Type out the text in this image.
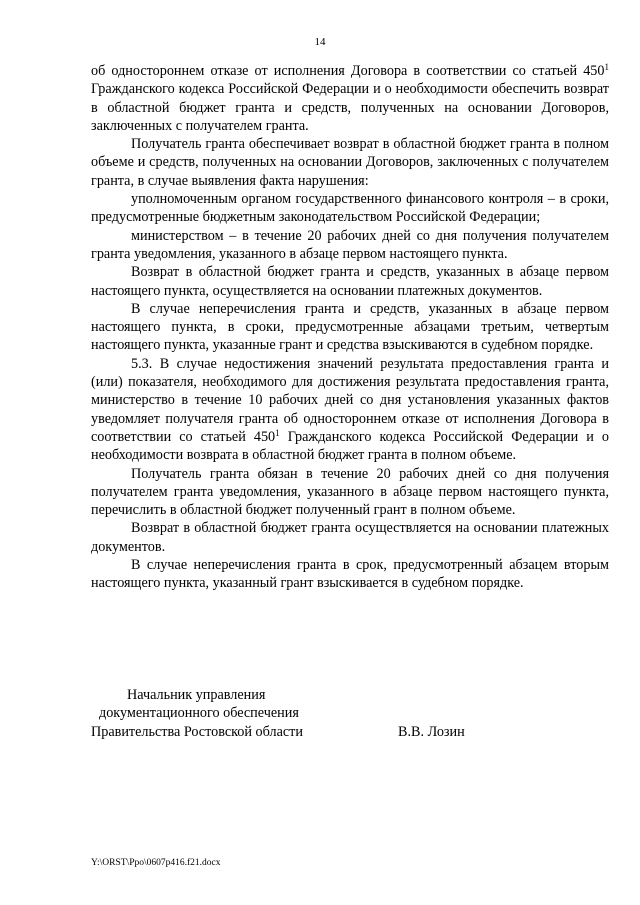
14

об одностороннем отказе от исполнения Договора в соответствии со статьей $450^1$ Гражданского кодекса Российской Федерации и о необходимости обеспечить возврат в областной бюджет гранта и средств, полученных на основании Договоров, заключенных с получателем гранта.

Получатель гранта обеспечивает возврат в областной бюджет гранта в полном объеме и средств, полученных на основании Договоров, заключенных с получателем гранта, в случае выявления факта нарушения:

уполномоченным органом государственного финансового контроля – в сроки, предусмотренные бюджетным законодательством Российской Федерации;

министерством – в течение 20 рабочих дней со дня получения получателем гранта уведомления, указанного в абзаце первом настоящего пункта.

Возврат в областной бюджет гранта и средств, указанных в абзаце первом настоящего пункта, осуществляется на основании платежных документов.

В случае неперечисления гранта и средств, указанных в абзаце первом настоящего пункта, в сроки, предусмотренные абзацами третьим, четвертым настоящего пункта, указанные грант и средства взыскиваются в судебном порядке.

5.3. В случае недостижения значений результата предоставления гранта и (или) показателя, необходимого для достижения результата предоставления гранта, министерство в течение 10 рабочих дней со дня установления указанных фактов уведомляет получателя гранта об одностороннем отказе от исполнения Договора в соответствии со статьей $450^1$ Гражданского кодекса Российской Федерации и о необходимости возврата в областной бюджет гранта в полном объеме.

Получатель гранта обязан в течение 20 рабочих дней со дня получения получателем гранта уведомления, указанного в абзаце первом настоящего пункта, перечислить в областной бюджет полученный грант в полном объеме.

Возврат в областной бюджет гранта осуществляется на основании платежных документов.

В случае неперечисления гранта в срок, предусмотренный абзацем вторым настоящего пункта, указанный грант взыскивается в судебном порядке.

Начальник управления
документационного обеспечения
Правительства Ростовской области	В.В. Лозин
Y:\ORST\Ppo\0607p416.f21.docx
